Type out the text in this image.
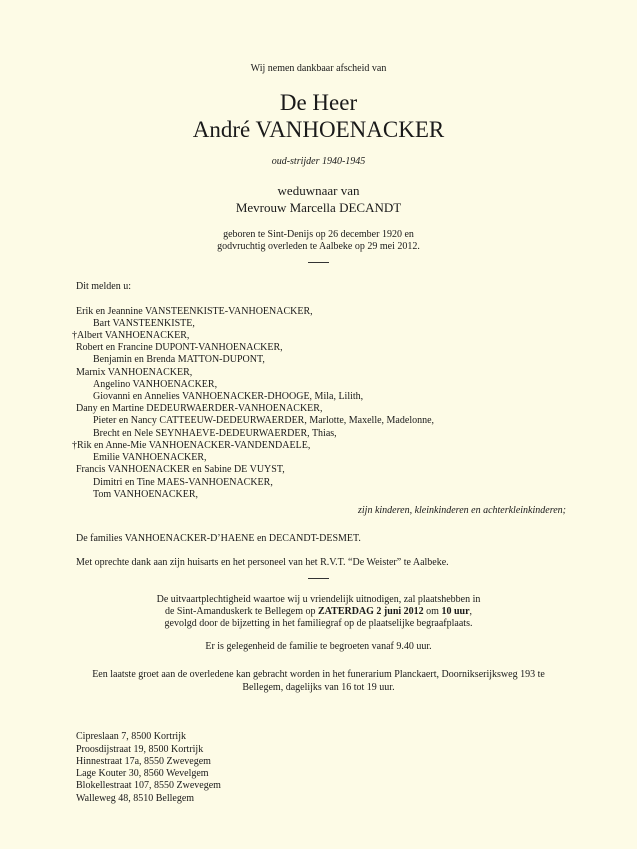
Wij nemen dankbaar afscheid van
De Heer
André VANHOENACKER
oud-strijder 1940-1945
weduwnaar van
Mevrouw Marcella DECANDT
geboren te Sint-Denijs op 26 december 1920 en
godvruchtig overleden te Aalbeke op 29 mei 2012.
Dit melden u:
Erik en Jeannine VANSTEENKISTE-VANHOENACKER,
Bart VANSTEENKISTE,
†Albert VANHOENACKER,
Robert en Francine DUPONT-VANHOENACKER,
Benjamin en Brenda MATTON-DUPONT,
Marnix VANHOENACKER,
Angelino VANHOENACKER,
Giovanni en Annelies VANHOENACKER-DHOOGE, Mila, Lilith,
Dany en Martine DEDEURWAERDER-VANHOENACKER,
Pieter en Nancy CATTEEUW-DEDEURWAERDER, Marlotte, Maxelle, Madelonne,
Brecht en Nele SEYNHAEVE-DEDEURWAERDER, Thias,
†Rik en Anne-Mie VANHOENACKER-VANDENDAELE,
Emilie VANHOENACKER,
Francis VANHOENACKER en Sabine DE VUYST,
Dimitri en Tine MAES-VANHOENACKER,
Tom VANHOENACKER,
zijn kinderen, kleinkinderen en achterkleinkinderen;
De families VANHOENACKER-D’HAENE en DECANDT-DESMET.
Met oprechte dank aan zijn huisarts en het personeel van het R.V.T. “De Weister” te Aalbeke.
De uitvaartplechtigheid waartoe wij u vriendelijk uitnodigen, zal plaatshebben in
de Sint-Amanduskerk te Bellegem op ZATERDAG 2 juni 2012 om 10 uur,
gevolgd door de bijzetting in het familiegraf op de plaatselijke begraafplaats.
Er is gelegenheid de familie te begroeten vanaf 9.40 uur.
Een laatste groet aan de overledene kan gebracht worden in het funerarium Planckaert, Doornikserijksweg 193 te
Bellegem, dagelijks van 16 tot 19 uur.
Cipreslaan 7, 8500 Kortrijk
Proosdijstraat 19, 8500 Kortrijk
Hinnestraat 17a, 8550 Zwevegem
Lage Kouter 30, 8560 Wevelgem
Blokellestraat 107, 8550 Zwevegem
Walleweg 48, 8510 Bellegem
